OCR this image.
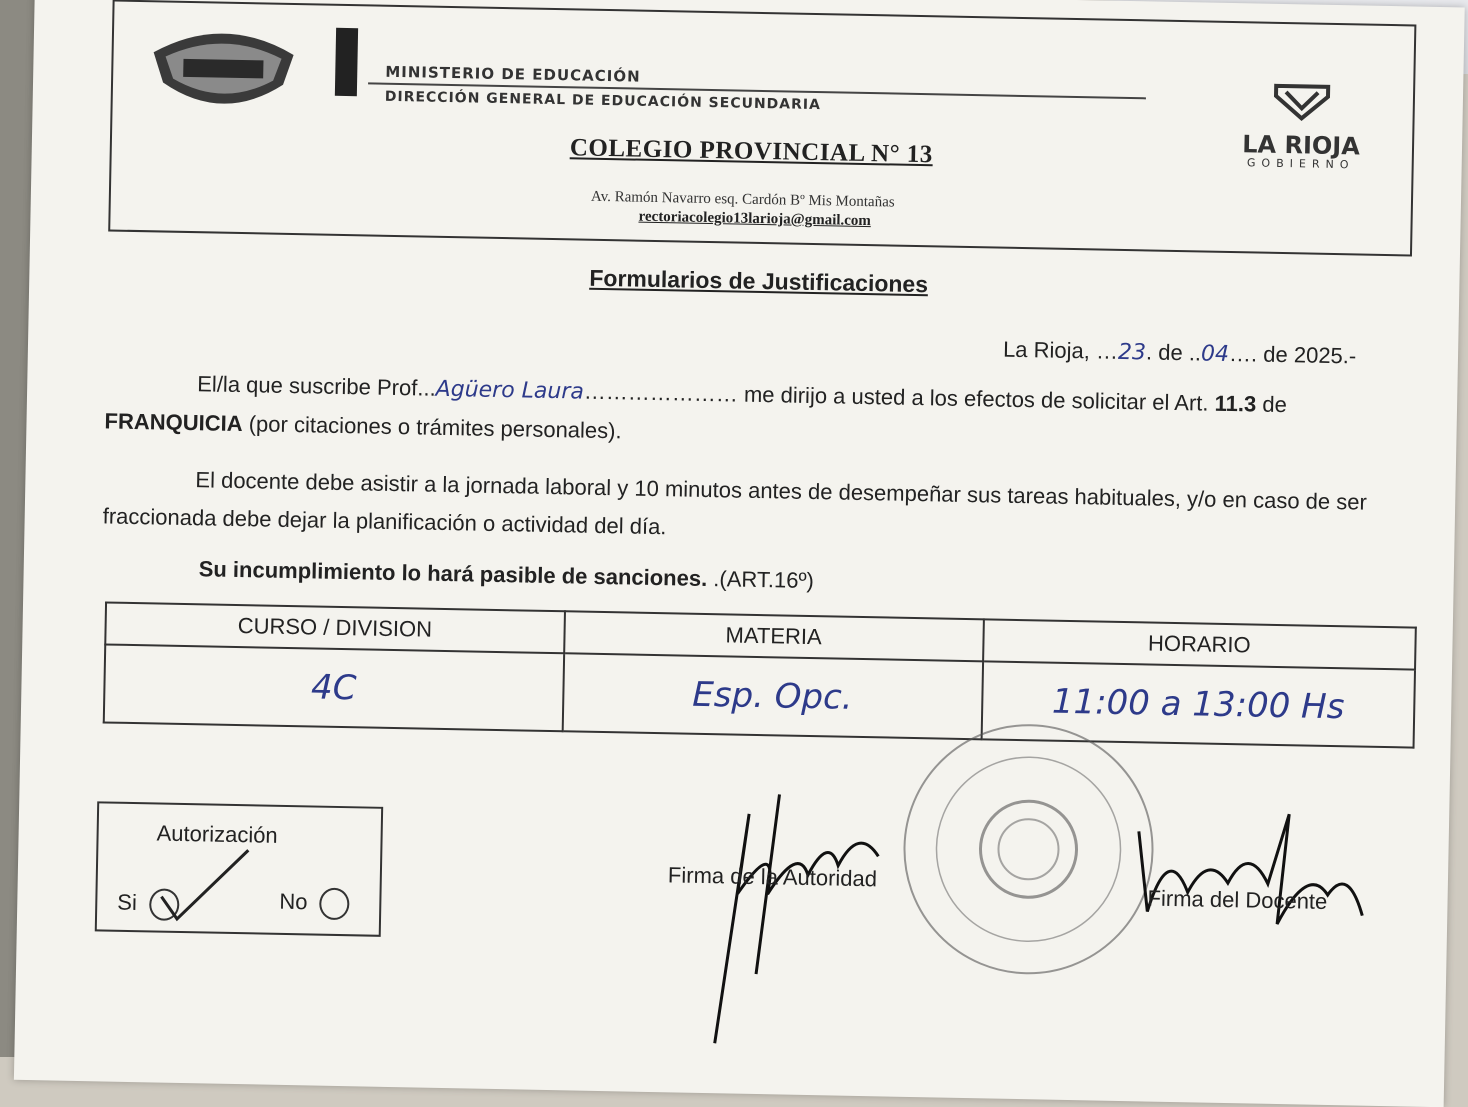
MINISTERIO DE EDUCACIÓN
DIRECCIÓN GENERAL DE EDUCACIÓN SECUNDARIA
COLEGIO PROVINCIAL N° 13
Av. Ramón Navarro esq. Cardón Bº Mis Montañas
rectoriacolegio13larioja@gmail.com
LA RIOJA
GOBIERNO
Formularios de Justificaciones
La Rioja, …23. de ..04…. de 2025.-
El/la que suscribe Prof...Agüero Laura………………… me dirijo a usted a los efectos de solicitar el Art. 11.3 de FRANQUICIA (por citaciones o trámites personales).
El docente debe asistir a la jornada laboral y 10 minutos antes de desempeñar sus tareas habituales, y/o en caso de ser fraccionada debe dejar la planificación o actividad del día.
Su incumplimiento lo hará pasible de sanciones. .(ART.16º)
CURSO / DIVISION	MATERIA	HORARIO
4C	Esp. Opc.	11:00 a 13:00 Hs
Autorización
Si	No
Firma de la Autoridad
Firma del Docente
